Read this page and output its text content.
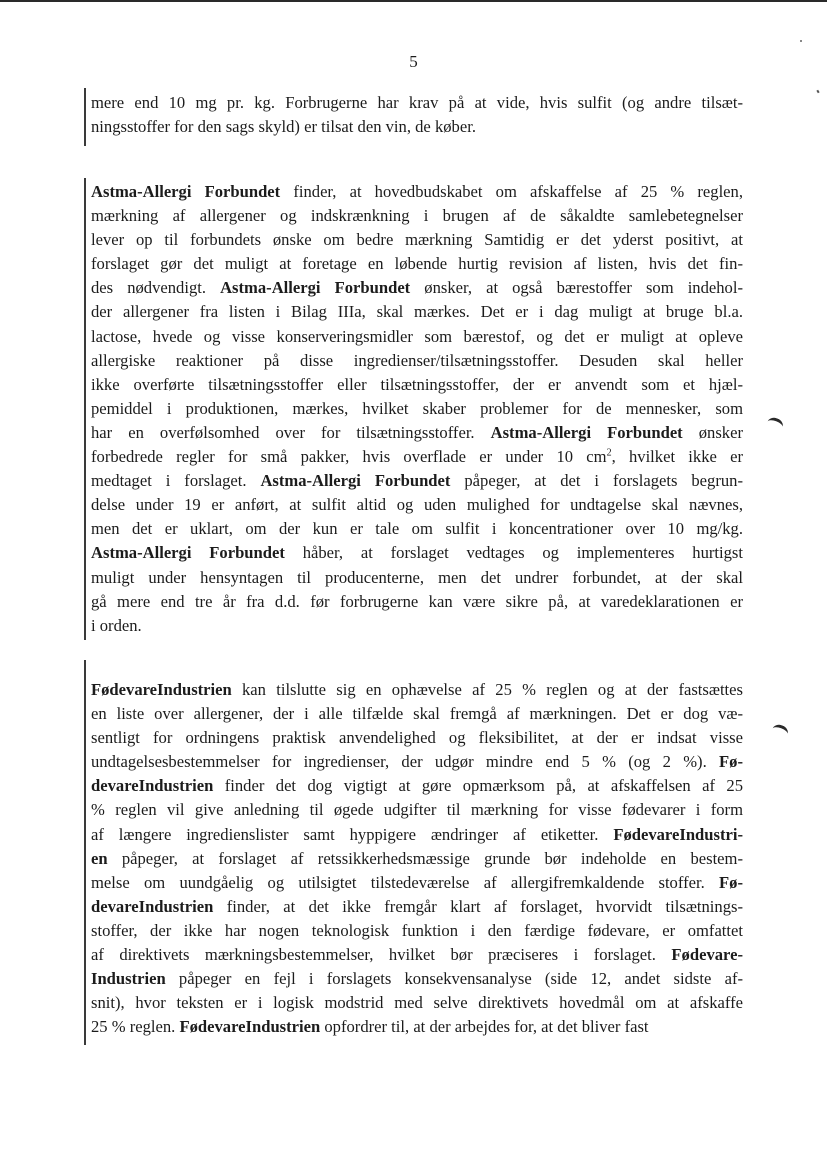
5
mere end 10 mg pr. kg. Forbrugerne har krav på at vide, hvis sulfit (og andre tilsæt-
ningsstoffer for den sags skyld) er tilsat den vin, de køber.
Astma-Allergi Forbundet finder, at hovedbudskabet om afskaffelse af 25 % reglen,
mærkning af allergener og indskrænkning i brugen af de såkaldte samlebetegnelser
lever op til forbundets ønske om bedre mærkning Samtidig er det yderst positivt, at
forslaget gør det muligt at foretage en løbende hurtig revision af listen, hvis det fin-
des nødvendigt. Astma-Allergi Forbundet ønsker, at også bærestoffer som indehol-
der allergener fra listen i Bilag IIIa, skal mærkes. Det er i dag muligt at bruge bl.a.
lactose, hvede og visse konserveringsmidler som bærestof, og det er muligt at opleve
allergiske reaktioner på disse ingredienser/tilsætningsstoffer. Desuden skal heller
ikke overførte tilsætningsstoffer eller tilsætningsstoffer, der er anvendt som et hjæl-
pemiddel i produktionen, mærkes, hvilket skaber problemer for de mennesker, som
har en overfølsomhed over for tilsætningsstoffer. Astma-Allergi Forbundet ønsker
forbedrede regler for små pakker, hvis overflade er under 10 $cm^2$, hvilket ikke er
medtaget i forslaget. Astma-Allergi Forbundet påpeger, at det i forslagets begrun-
delse under 19 er anført, at sulfit altid og uden mulighed for undtagelse skal nævnes,
men det er uklart, om der kun er tale om sulfit i koncentrationer over 10 mg/kg.
Astma-Allergi Forbundet håber, at forslaget vedtages og implementeres hurtigst
muligt under hensyntagen til producenterne, men det undrer forbundet, at der skal
gå mere end tre år fra d.d. før forbrugerne kan være sikre på, at varedeklarationen er
i orden.
FødevareIndustrien kan tilslutte sig en ophævelse af 25 % reglen og at der fastsættes
en liste over allergener, der i alle tilfælde skal fremgå af mærkningen. Det er dog væ-
sentligt for ordningens praktisk anvendelighed og fleksibilitet, at der er indsat visse
undtagelsesbestemmelser for ingredienser, der udgør mindre end 5 % (og 2 %). Fø-
devareIndustrien finder det dog vigtigt at gøre opmærksom på, at afskaffelsen af 25
% reglen vil give anledning til øgede udgifter til mærkning for visse fødevarer i form
af længere ingredienslister samt hyppigere ændringer af etiketter. FødevareIndustri-
en påpeger, at forslaget af retssikkerhedsmæssige grunde bør indeholde en bestem-
melse om uundgåelig og utilsigtet tilstedeværelse af allergifremkaldende stoffer. Fø-
devareIndustrien finder, at det ikke fremgår klart af forslaget, hvorvidt tilsætnings-
stoffer, der ikke har nogen teknologisk funktion i den færdige fødevare, er omfattet
af direktivets mærkningsbestemmelser, hvilket bør præciseres i forslaget. Fødevare-
Industrien påpeger en fejl i forslagets konsekvensanalyse (side 12, andet sidste af-
snit), hvor teksten er i logisk modstrid med selve direktivets hovedmål om at afskaffe
25 % reglen. FødevareIndustrien opfordrer til, at der arbejdes for, at det bliver fast
